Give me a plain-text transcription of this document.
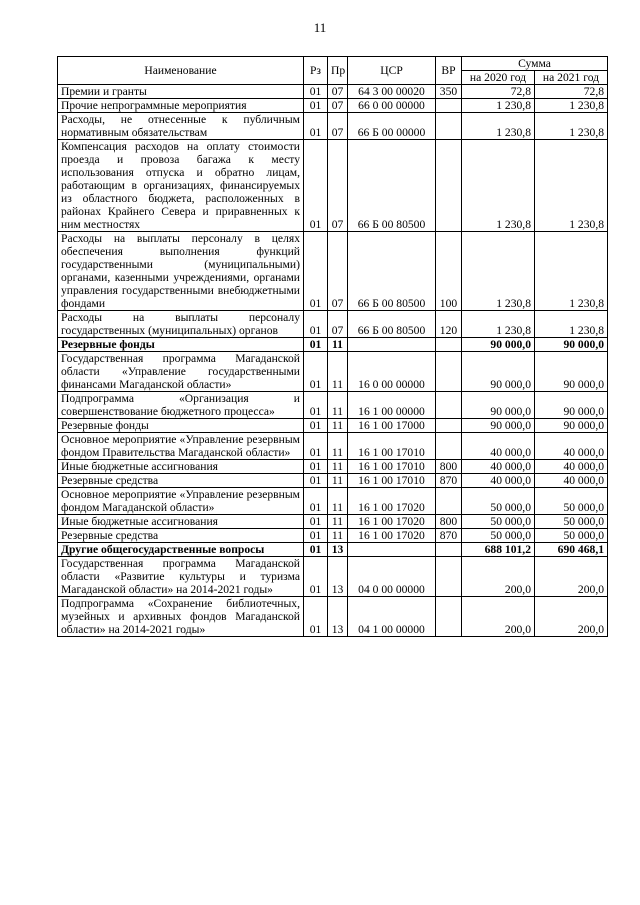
11
Наименование	Рз	Пр	ЦСР	ВР	Сумма	
					на 2020 год	на 2021 год
Премии и гранты	01	07	64 3 00 00020	350	72,8	72,8
Прочие непрограммные мероприятия	01	07	66 0 00 00000		1 230,8	1 230,8
Расходы, не отнесенные к публичным нормативным обязательствам	01	07	66 Б 00 00000		1 230,8	1 230,8
Компенсация расходов на оплату стоимости проезда и провоза багажа к месту использования отпуска и обратно лицам, работающим в организациях, финансируемых из областного бюджета, расположенных в районах Крайнего Севера и приравненных к ним местностях	01	07	66 Б 00 80500		1 230,8	1 230,8
Расходы на выплаты персоналу в целях обеспечения выполнения функций государственными (муниципальными) органами, казенными учреждениями, органами управления государственными внебюджетными фондами	01	07	66 Б 00 80500	100	1 230,8	1 230,8
Расходы на выплаты персоналу государственных (муниципальных) органов	01	07	66 Б 00 80500	120	1 230,8	1 230,8
Резервные фонды	01	11			90 000,0	90 000,0
Государственная программа Магаданской области «Управление государственными финансами Магаданской области»	01	11	16 0 00 00000		90 000,0	90 000,0
Подпрограмма «Организация и совершенствование бюджетного процесса»	01	11	16 1 00 00000		90 000,0	90 000,0
Резервные фонды	01	11	16 1 00 17000		90 000,0	90 000,0
Основное мероприятие «Управление резервным фондом Правительства Магаданской области»	01	11	16 1 00 17010		40 000,0	40 000,0
Иные бюджетные ассигнования	01	11	16 1 00 17010	800	40 000,0	40 000,0
Резервные средства	01	11	16 1 00 17010	870	40 000,0	40 000,0
Основное мероприятие «Управление резервным фондом Магаданской области»	01	11	16 1 00 17020		50 000,0	50 000,0
Иные бюджетные ассигнования	01	11	16 1 00 17020	800	50 000,0	50 000,0
Резервные средства	01	11	16 1 00 17020	870	50 000,0	50 000,0
Другие общегосударственные вопросы	01	13			688 101,2	690 468,1
Государственная программа Магаданской области «Развитие культуры и туризма Магаданской области» на 2014-2021 годы»	01	13	04 0 00 00000		200,0	200,0
Подпрограмма «Сохранение библиотечных, музейных и архивных фондов Магаданской области» на 2014-2021 годы»	01	13	04 1 00 00000		200,0	200,0
